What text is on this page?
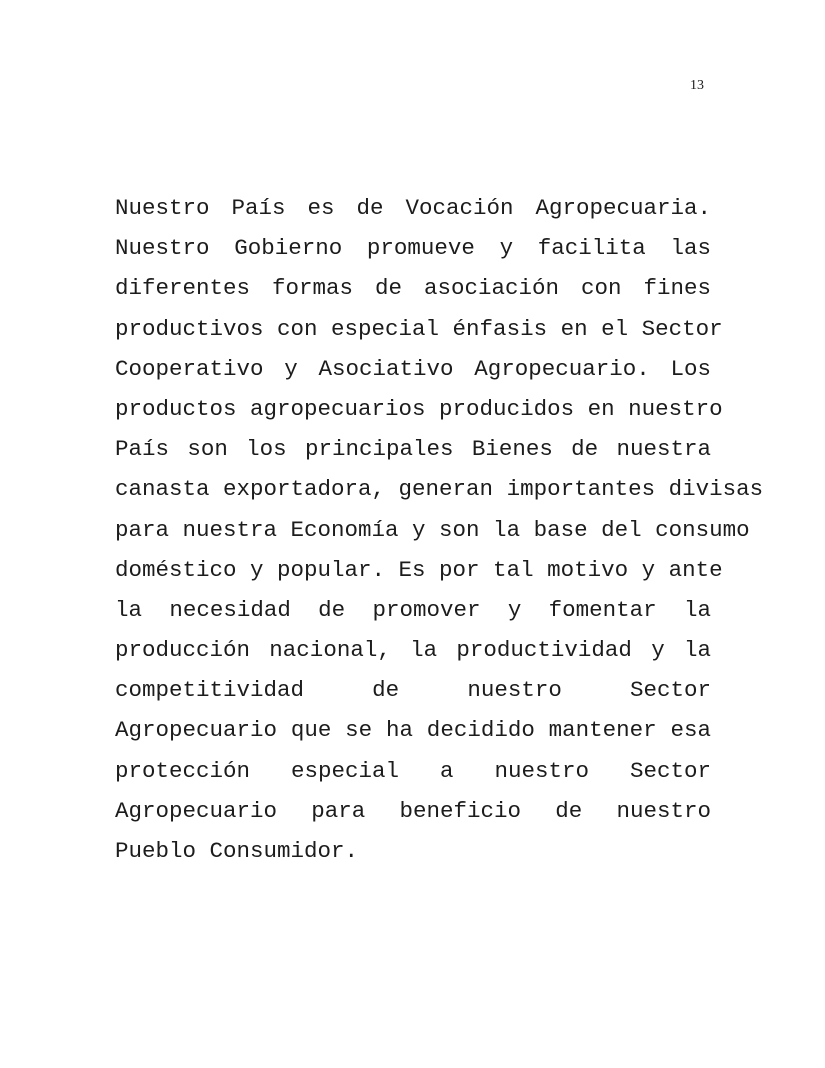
13
Nuestro País es de Vocación Agropecuaria.
Nuestro Gobierno promueve y facilita las
diferentes formas de asociación con fines
productivos con especial énfasis en el Sector
Cooperativo y Asociativo Agropecuario. Los
productos agropecuarios producidos en nuestro
País son los principales Bienes de nuestra
canasta exportadora, generan importantes divisas
para nuestra Economía y son la base del consumo
doméstico y popular. Es por tal motivo y ante
la necesidad de promover y fomentar la
producción nacional, la productividad y la
competitividad de nuestro Sector
Agropecuario que se ha decidido mantener esa
protección especial a nuestro Sector
Agropecuario para beneficio de nuestro
Pueblo Consumidor.
